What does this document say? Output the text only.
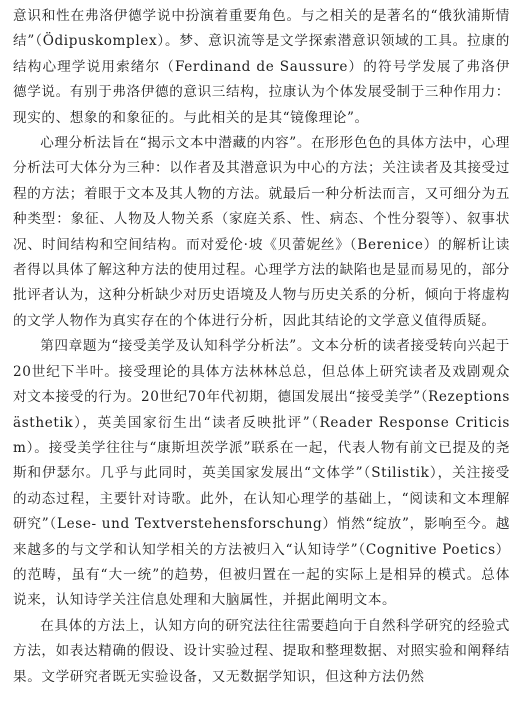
意识和性在弗洛伊德学说中扮演着重要角色。与之相关的是著名的“俄狄浦斯情结”（Ödipuskomplex）。梦、意识流等是文学探索潜意识领域的工具。拉康的结构心理学说用索绪尔（Ferdinand de Saussure）的符号学发展了弗洛伊德学说。有别于弗洛伊德的意识三结构，拉康认为个体发展受制于三种作用力：现实的、想象的和象征的。与此相关的是其“镜像理论”。

心理分析法旨在“揭示文本中潜藏的内容”。在形形色色的具体方法中，心理分析法可大体分为三种：以作者及其潜意识为中心的方法；关注读者及其接受过程的方法；着眼于文本及其人物的方法。就最后一种分析法而言，又可细分为五种类型：象征、人物及人物关系（家庭关系、性、病态、个性分裂等）、叙事状况、时间结构和空间结构。而对爱伦·坡《贝蕾妮丝》（Berenice）的解析让读者得以具体了解这种方法的使用过程。心理学方法的缺陷也是显而易见的，部分批评者认为，这种分析缺少对历史语境及人物与历史关系的分析，倾向于将虚构的文学人物作为真实存在的个体进行分析，因此其结论的文学意义值得质疑。

第四章题为“接受美学及认知科学分析法”。文本分析的读者接受转向兴起于20世纪下半叶。接受理论的具体方法林林总总，但总体上研究读者及戏剧观众对文本接受的行为。20世纪70年代初期，德国发展出“接受美学”（Rezeptionsästhetik），英美国家衍生出“读者反映批评”（Reader Response Criticism）。接受美学往往与“康斯坦茨学派”联系在一起，代表人物有前文已提及的尧斯和伊瑟尔。几乎与此同时，英美国家发展出“文体学”（Stilistik），关注接受的动态过程，主要针对诗歌。此外，在认知心理学的基础上，“阅读和文本理解研究”（Lese- und Textverstehensforschung）悄然“绽放”，影响至今。越来越多的与文学和认知学相关的方法被归入“认知诗学”（Cognitive Poetics）的范畴，虽有“大一统”的趋势，但被归置在一起的实际上是相异的模式。总体说来，认知诗学关注信息处理和大脑属性，并据此阐明文本。

在具体的方法上，认知方向的研究法往往需要趋向于自然科学研究的经验式方法，如表达精确的假设、设计实验过程、提取和整理数据、对照实验和阐释结果。文学研究者既无实验设备，又无数据学知识，但这种方法仍然
